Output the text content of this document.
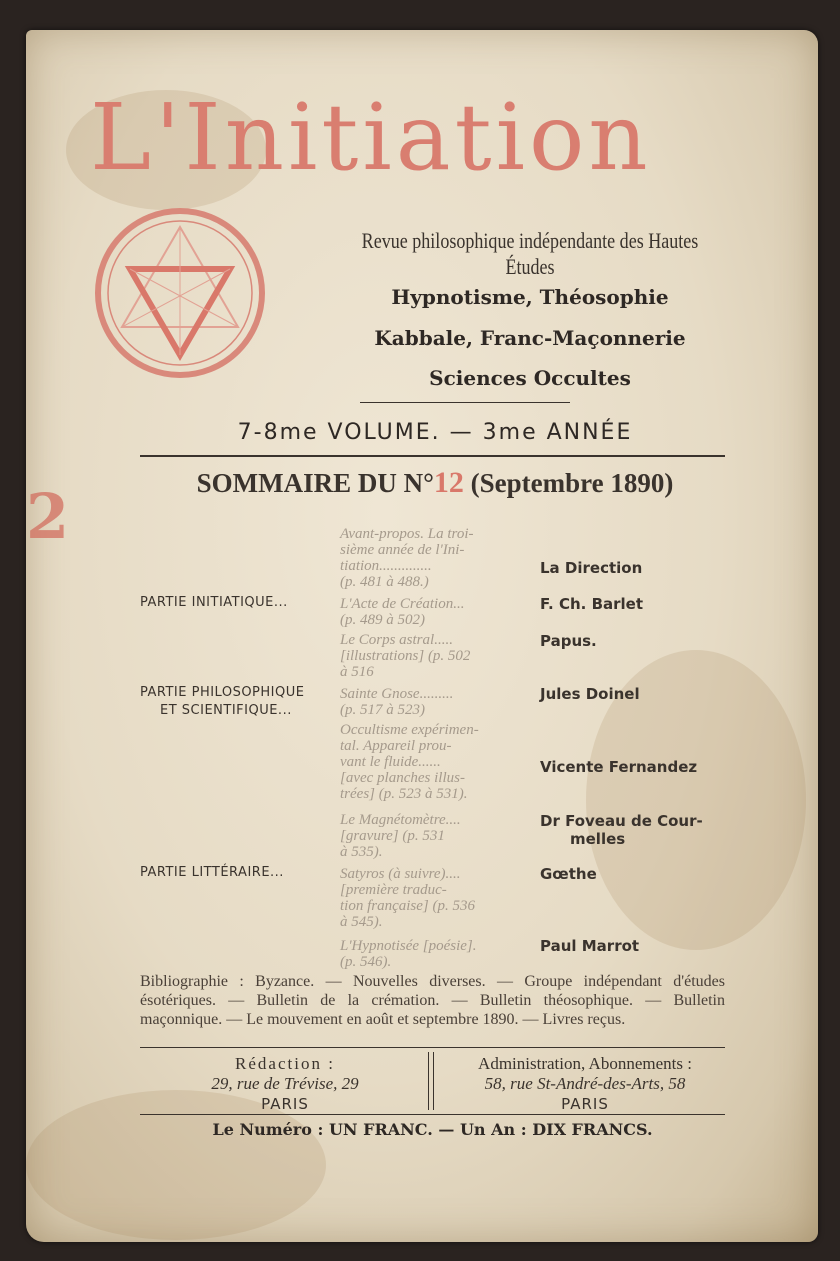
2
L'Initiation
Revue philosophique indépendante des Hautes Études
Hypnotisme, Théosophie
Kabbale, Franc-Maçonnerie
Sciences Occultes
7-8me VOLUME. — 3me ANNÉE
SOMMAIRE DU N°12 (Septembre 1890)
PARTIE INITIATIQUE...
PARTIE PHILOSOPHIQUE
ET SCIENTIFIQUE...
PARTIE LITTÉRAIRE...
Avant-propos. La troi-
sième année de l'Ini-
tiation..............
(p. 481 à 488.)
La Direction
L'Acte de Création...
(p. 489 à 502)
F. Ch. Barlet
Le Corps astral.....
[illustrations] (p. 502
à 516
Papus.
Sainte Gnose.........
(p. 517 à 523)
Jules Doinel
Occultisme expérimen-
tal. Appareil prou-
vant le fluide......
[avec planches illus-
trées] (p. 523 à 531).
Vicente Fernandez
Le Magnétomètre....
[gravure] (p. 531
à 535).
Dr Foveau de Cour-
melles
Satyros (à suivre)....
[première traduc-
tion française] (p. 536
à 545).
Gœthe
L'Hypnotisée [poésie].
(p. 546).
Paul Marrot
Bibliographie : Byzance. — Nouvelles diverses. — Groupe indépendant d'études ésotériques. — Bulletin de la crémation. — Bulletin théosophique. — Bulletin maçonnique. — Le mouvement en août et septembre 1890. — Livres reçus.
Rédaction :
29, rue de Trévise, 29
PARIS
Administration, Abonnements :
58, rue St-André-des-Arts, 58
PARIS
Le Numéro : UN FRANC. — Un An : DIX FRANCS.
